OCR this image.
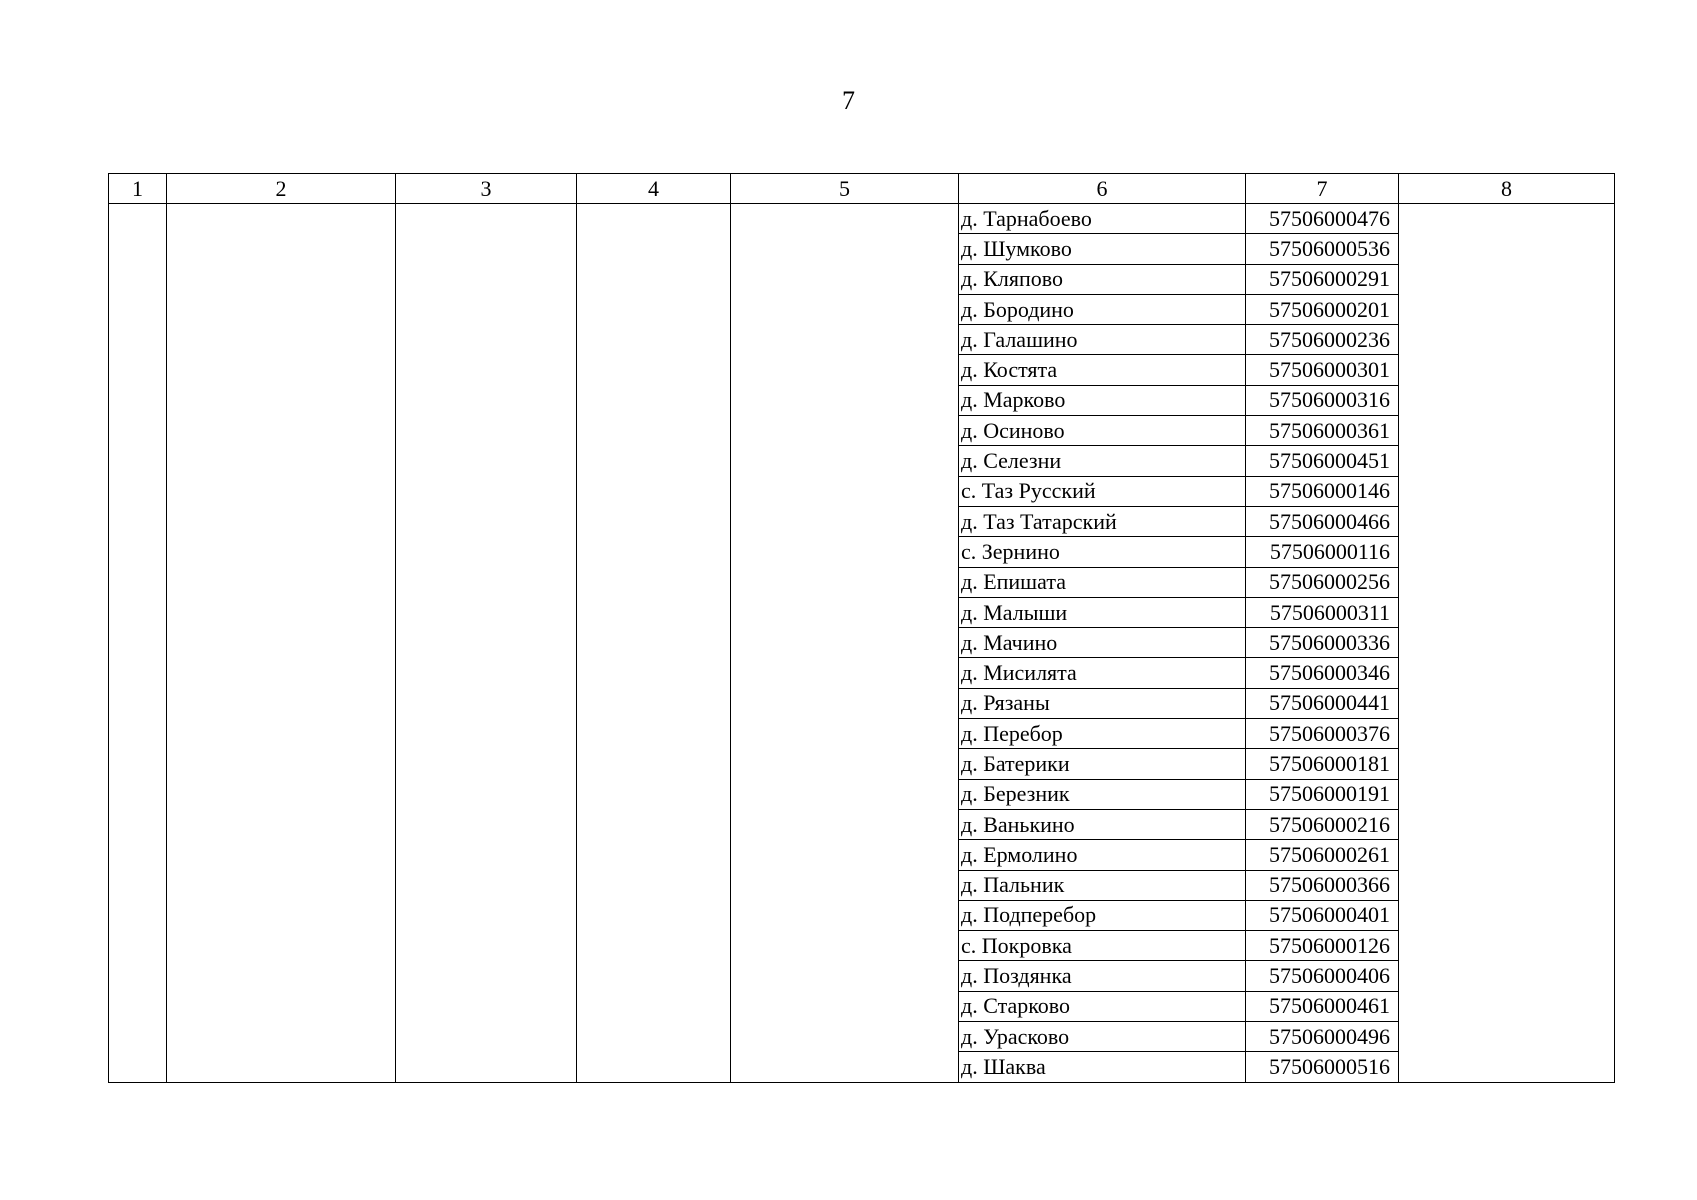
7
1	2	3	4	5	6	7	8
					д. Тарнабоево	57506000476	
					д. Шумково	57506000536	
					д. Кляпово	57506000291	
					д. Бородино	57506000201	
					д. Галашино	57506000236	
					д. Костята	57506000301	
					д. Марково	57506000316	
					д. Осиново	57506000361	
					д. Селезни	57506000451	
					с. Таз Русский	57506000146	
					д. Таз Татарский	57506000466	
					с. Зернино	57506000116	
					д. Епишата	57506000256	
					д. Малыши	57506000311	
					д. Мачино	57506000336	
					д. Мисилята	57506000346	
					д. Рязаны	57506000441	
					д. Перебор	57506000376	
					д. Батерики	57506000181	
					д. Березник	57506000191	
					д. Ванькино	57506000216	
					д. Ермолино	57506000261	
					д. Пальник	57506000366	
					д. Подперебор	57506000401	
					с. Покровка	57506000126	
					д. Поздянка	57506000406	
					д. Старково	57506000461	
					д. Урасково	57506000496	
					д. Шаква	57506000516	
